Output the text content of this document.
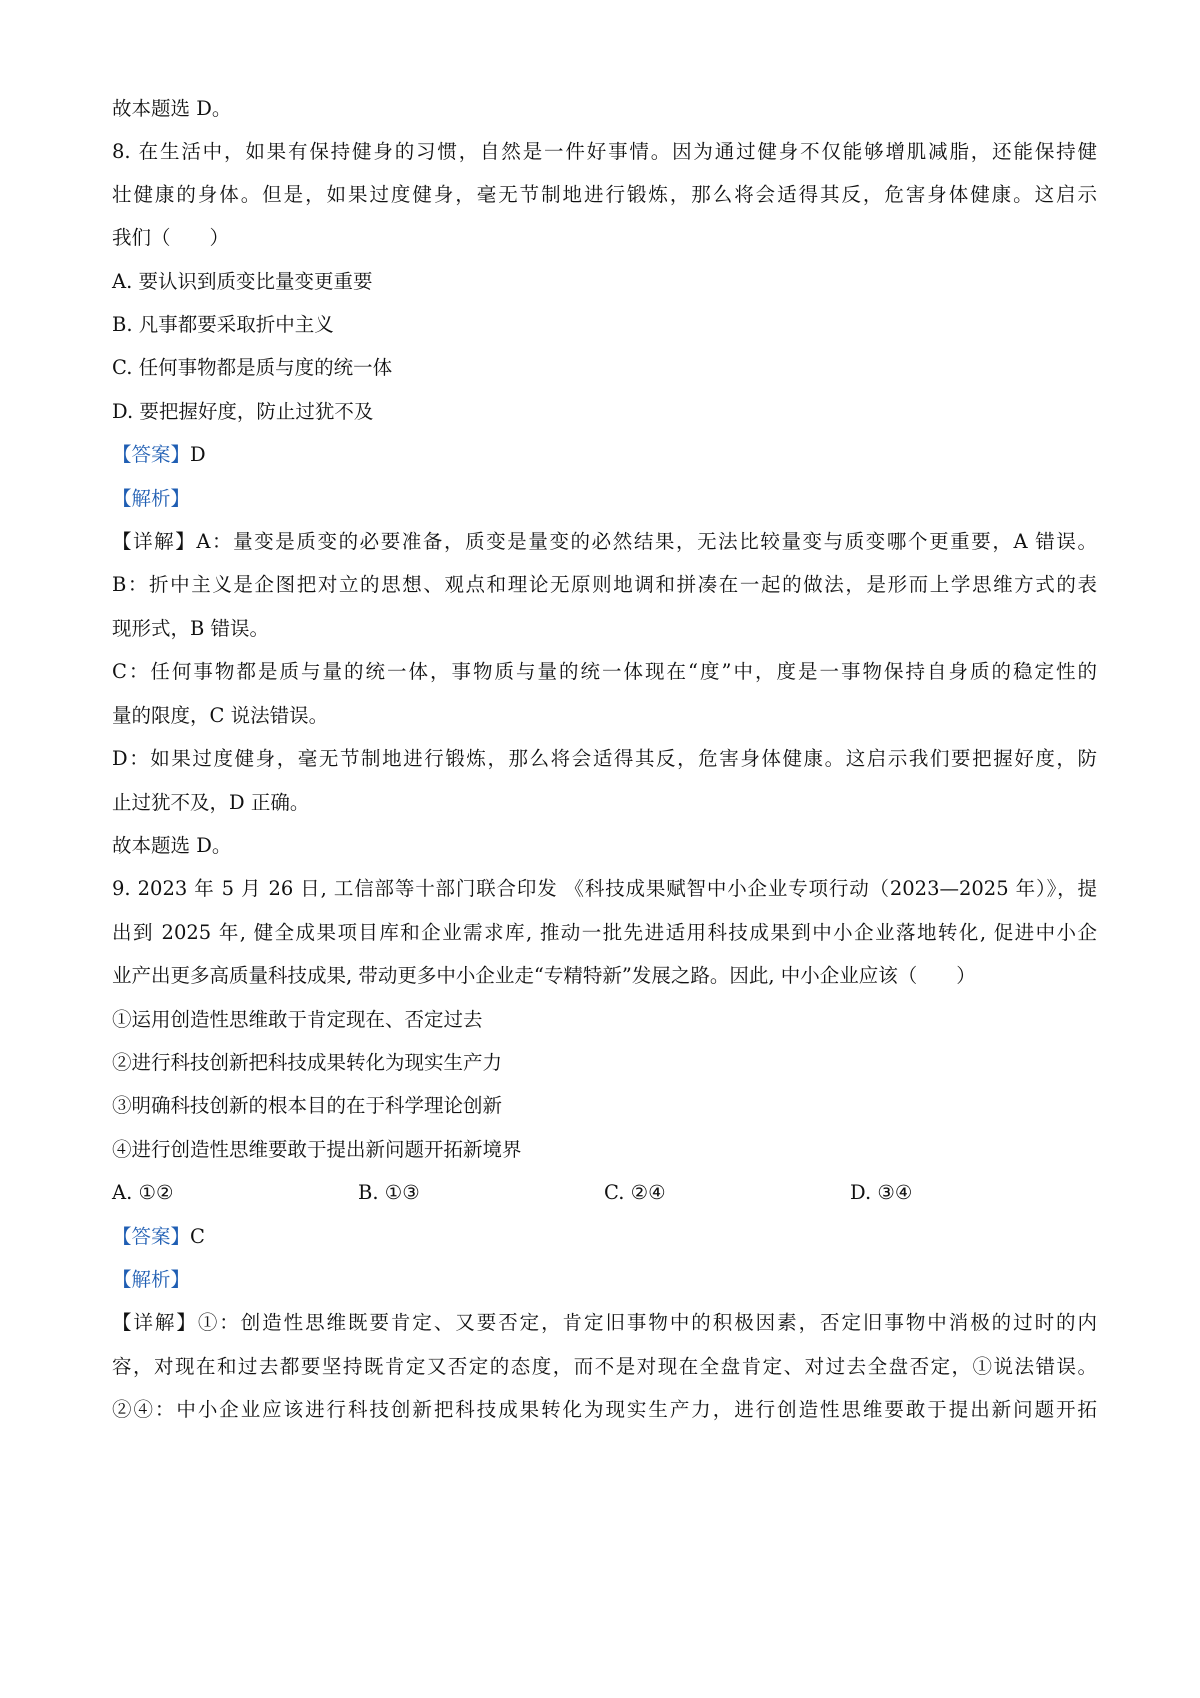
故本题选 D。
8. 在生活中，如果有保持健身的习惯，自然是一件好事情。因为通过健身不仅能够增肌减脂，还能保持健
壮健康的身体。但是，如果过度健身，毫无节制地进行锻炼，那么将会适得其反，危害身体健康。这启示
我们（　　）
A. 要认识到质变比量变更重要
B. 凡事都要采取折中主义
C. 任何事物都是质与度的统一体
D. 要把握好度，防止过犹不及
【答案】D
【解析】
【详解】A：量变是质变的必要准备，质变是量变的必然结果，无法比较量变与质变哪个更重要，A 错误。
B：折中主义是企图把对立的思想、观点和理论无原则地调和拼凑在一起的做法，是形而上学思维方式的表
现形式，B 错误。
C：任何事物都是质与量的统一体，事物质与量的统一体现在“度”中，度是一事物保持自身质的稳定性的
量的限度，C 说法错误。
D：如果过度健身，毫无节制地进行锻炼，那么将会适得其反，危害身体健康。这启示我们要把握好度，防
止过犹不及，D 正确。
故本题选 D。
9. 2023 年 5 月 26 日, 工信部等十部门联合印发 《科技成果赋智中小企业专项行动（2023—2025 年）》，提
出到 2025 年, 健全成果项目库和企业需求库, 推动一批先进适用科技成果到中小企业落地转化, 促进中小企
业产出更多高质量科技成果, 带动更多中小企业走“专精特新”发展之路。因此, 中小企业应该（　　）
①运用创造性思维敢于肯定现在、否定过去
②进行科技创新把科技成果转化为现实生产力
③明确科技创新的根本目的在于科学理论创新
④进行创造性思维要敢于提出新问题开拓新境界
A. ①②	B. ①③	C. ②④	D. ③④
【答案】C
【解析】
【详解】①：创造性思维既要肯定、又要否定，肯定旧事物中的积极因素，否定旧事物中消极的过时的内
容，对现在和过去都要坚持既肯定又否定的态度，而不是对现在全盘肯定、对过去全盘否定，①说法错误。
②④：中小企业应该进行科技创新把科技成果转化为现实生产力，进行创造性思维要敢于提出新问题开拓
